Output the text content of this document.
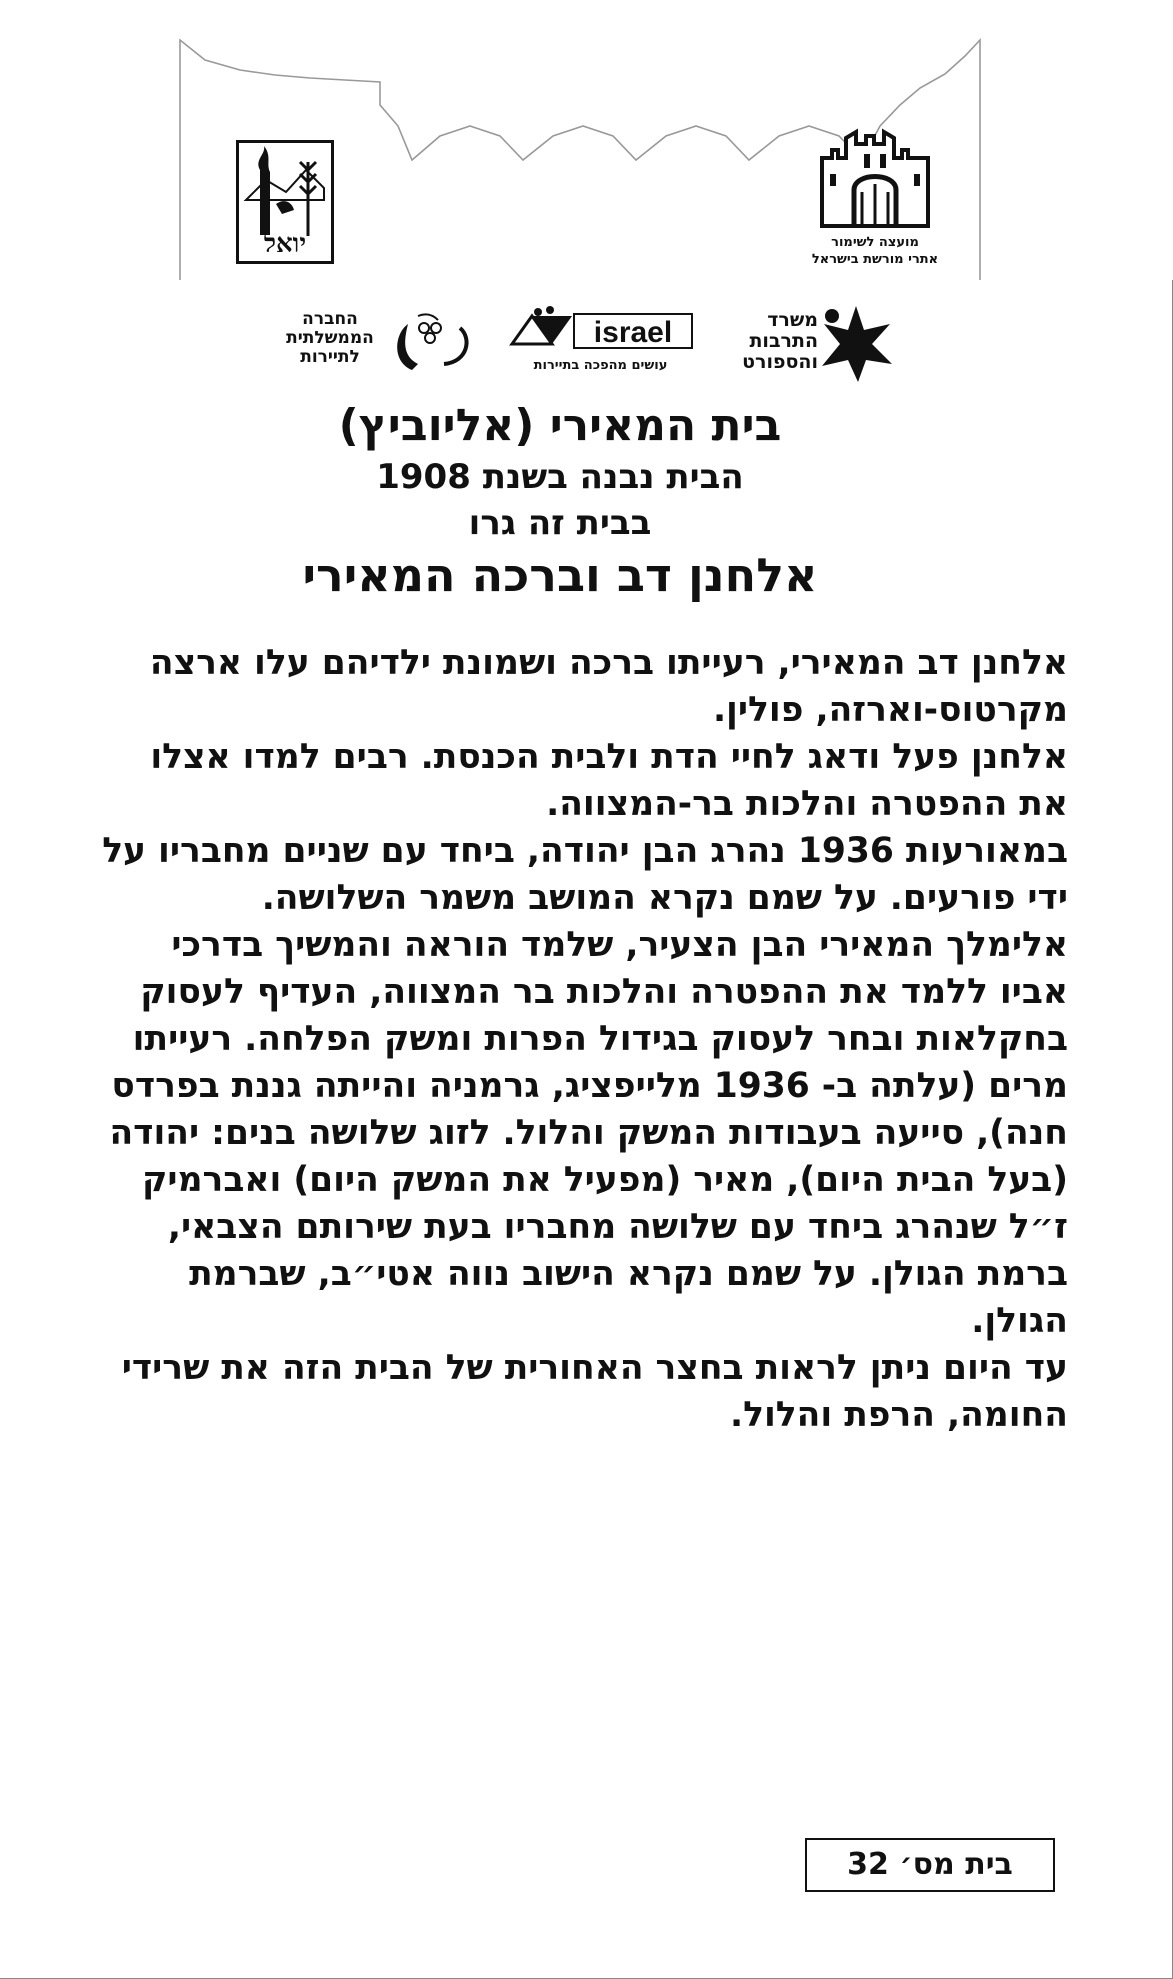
יואל	מועצה לשימור
אתרי מורשת בישראל
משרד
התרבות
והספורט
israel
עושים מהפכה בתיירות
החברה
הממשלתית
לתיירות
בית המאירי (אליוביץ)
הבית נבנה בשנת 1908
בבית זה גרו
אלחנן דב וברכה המאירי

אלחנן דב המאירי, רעייתו ברכה ושמונת ילדיהם עלו ארצה מקרטוס-וארזה, פולין.

אלחנן פעל ודאג לחיי הדת ולבית הכנסת. רבים למדו אצלו את ההפטרה והלכות בר-המצווה.

במאורעות 1936 נהרג הבן יהודה, ביחד עם שניים מחבריו על ידי פורעים. על שמם נקרא המושב משמר השלושה.

אלימלך המאירי הבן הצעיר, שלמד הוראה והמשיך בדרכי אביו ללמד את ההפטרה והלכות בר המצווה, העדיף לעסוק בחקלאות ובחר לעסוק בגידול הפרות ומשק הפלחה. רעייתו מרים (עלתה ב- 1936 מלייפציג, גרמניה והייתה גננת בפרדס חנה), סייעה בעבודות המשק והלול. לזוג שלושה בנים: יהודה (בעל הבית היום), מאיר (מפעיל את המשק היום) ואברמיק ז״ל שנהרג ביחד עם שלושה מחבריו בעת שירותם הצבאי, ברמת הגולן. על שמם נקרא הישוב נווה אטי״ב, שברמת הגולן.

עד היום ניתן לראות בחצר האחורית של הבית הזה את שרידי החומה, הרפת והלול.

בית מס׳ 32
